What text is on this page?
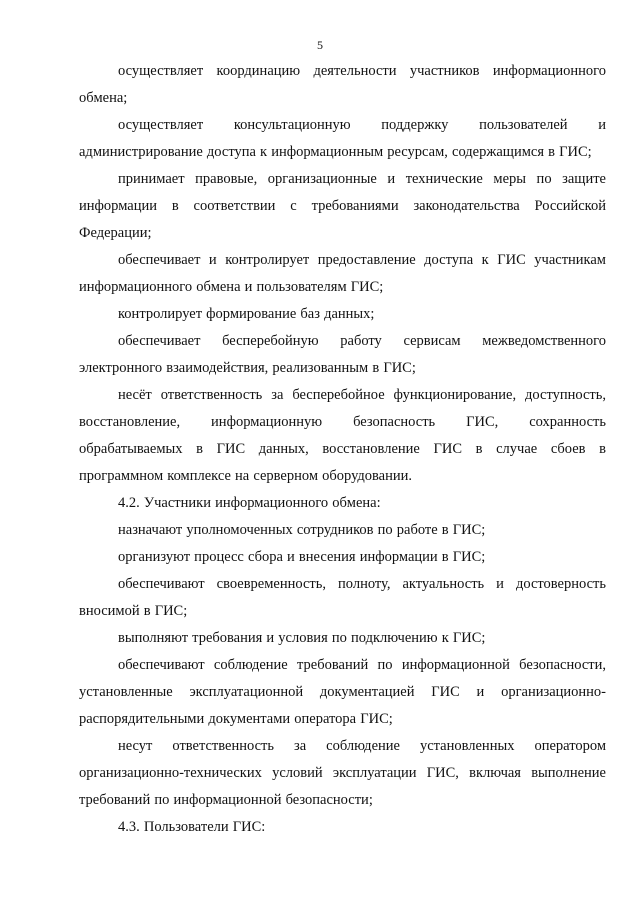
5

осуществляет координацию деятельности участников информационного обмена;

осуществляет консультационную поддержку пользователей и администрирование доступа к информационным ресурсам, содержащимся в ГИС;

принимает правовые, организационные и технические меры по защите информации в соответствии с требованиями законодательства Российской Федерации;

обеспечивает и контролирует предоставление доступа к ГИС участникам информационного обмена и пользователям ГИС;

контролирует формирование баз данных;

обеспечивает бесперебойную работу сервисам межведомственного электронного взаимодействия, реализованным в ГИС;

несёт ответственность за бесперебойное функционирование, доступность, восстановление, информационную безопасность ГИС, сохранность обрабатываемых в ГИС данных, восстановление ГИС в случае сбоев в программном комплексе на серверном оборудовании.

4.2. Участники информационного обмена:

назначают уполномоченных сотрудников по работе в ГИС;

организуют процесс сбора и внесения информации в ГИС;

обеспечивают своевременность, полноту, актуальность и достоверность вносимой в ГИС;

выполняют требования и условия по подключению к ГИС;

обеспечивают соблюдение требований по информационной безопасности, установленные эксплуатационной документацией ГИС и организационно-распорядительными документами оператора ГИС;

несут ответственность за соблюдение установленных оператором организационно-технических условий эксплуатации ГИС, включая выполнение требований по информационной безопасности;

4.3. Пользователи ГИС:
